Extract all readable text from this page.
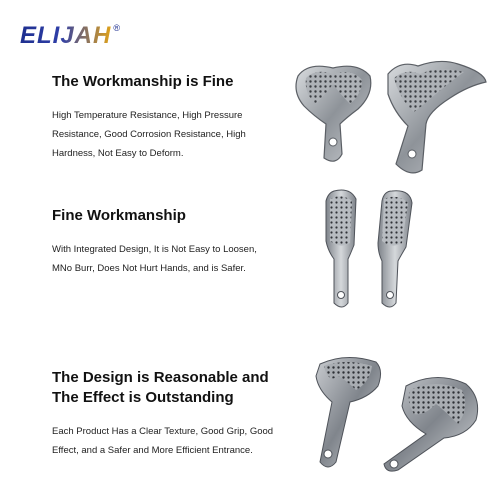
ELIJAH ®
The Workmanship is Fine

High Temperature Resistance, High Pressure Resistance, Good Corrosion Resistance, High Hardness, Not Easy to Deform.

Fine Workmanship

With Integrated Design, It is Not Easy to Loosen, MNo Burr, Does Not Hurt Hands, and is Safer.

The Design is Reasonable and The Effect is Outstanding

Each Product Has a Clear Texture, Good Grip, Good Effect, and a Safer and More Efficient Entrance.
